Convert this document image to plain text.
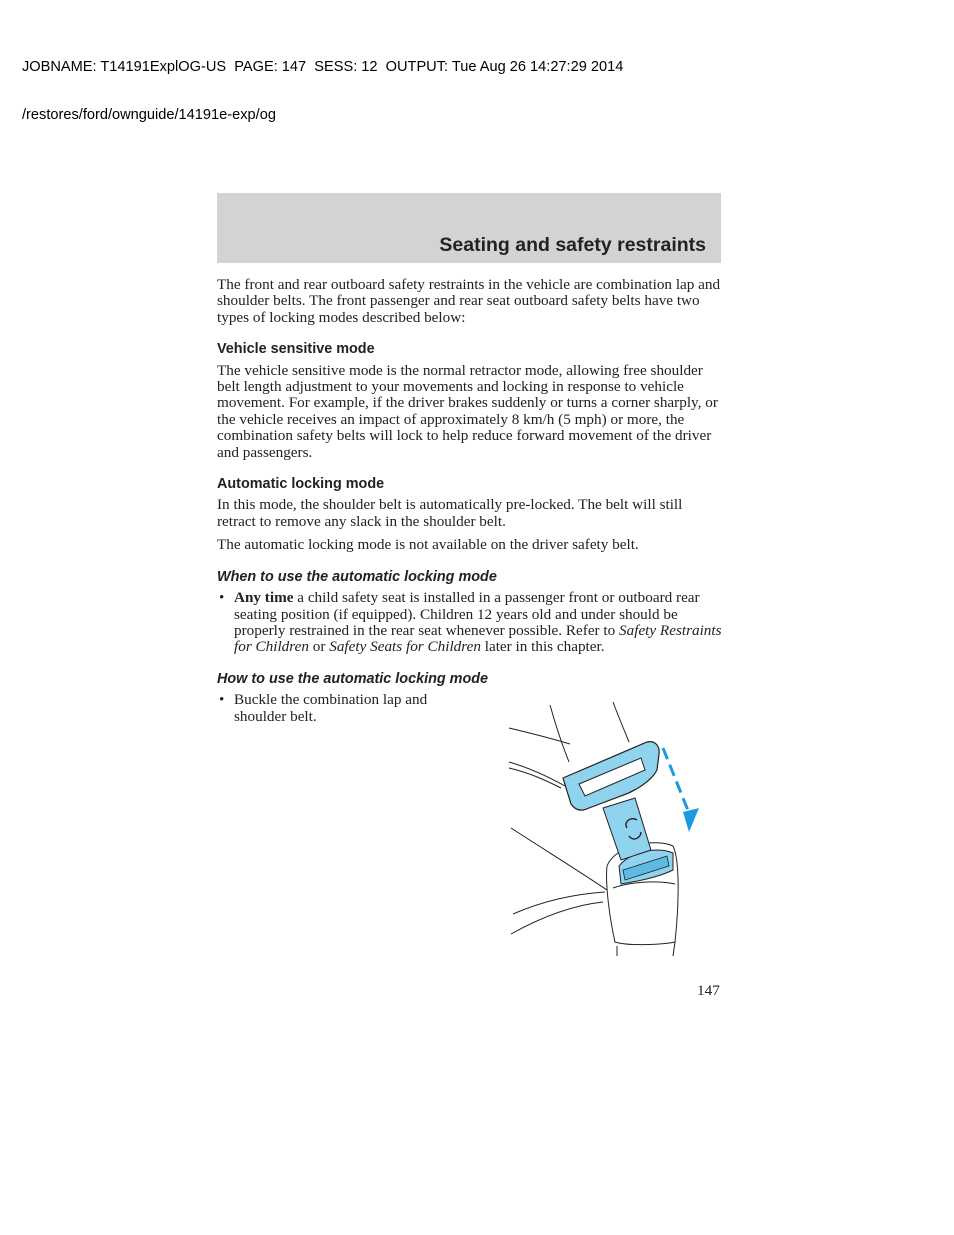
JOBNAME: T14191ExplOG-US  PAGE: 147  SESS: 12  OUTPUT: Tue Aug 26 14:27:29 2014

/restores/ford/ownguide/14191e-exp/og

Seating and safety restraints

The front and rear outboard safety restraints in the vehicle are combination lap and shoulder belts. The front passenger and rear seat outboard safety belts have two types of locking modes described below:

Vehicle sensitive mode

The vehicle sensitive mode is the normal retractor mode, allowing free shoulder belt length adjustment to your movements and locking in response to vehicle movement. For example, if the driver brakes suddenly or turns a corner sharply, or the vehicle receives an impact of approximately 8 km/h (5 mph) or more, the combination safety belts will lock to help reduce forward movement of the driver and passengers.

Automatic locking mode

In this mode, the shoulder belt is automatically pre-locked. The belt will still retract to remove any slack in the shoulder belt.

The automatic locking mode is not available on the driver safety belt.

When to use the automatic locking mode
• Any time a child safety seat is installed in a passenger front or outboard rear seating position (if equipped). Children 12 years old and under should be properly restrained in the rear seat whenever possible. Refer to Safety Restraints for Children or Safety Seats for Children later in this chapter.
How to use the automatic locking mode
• Buckle the combination lap and shoulder belt.
147
